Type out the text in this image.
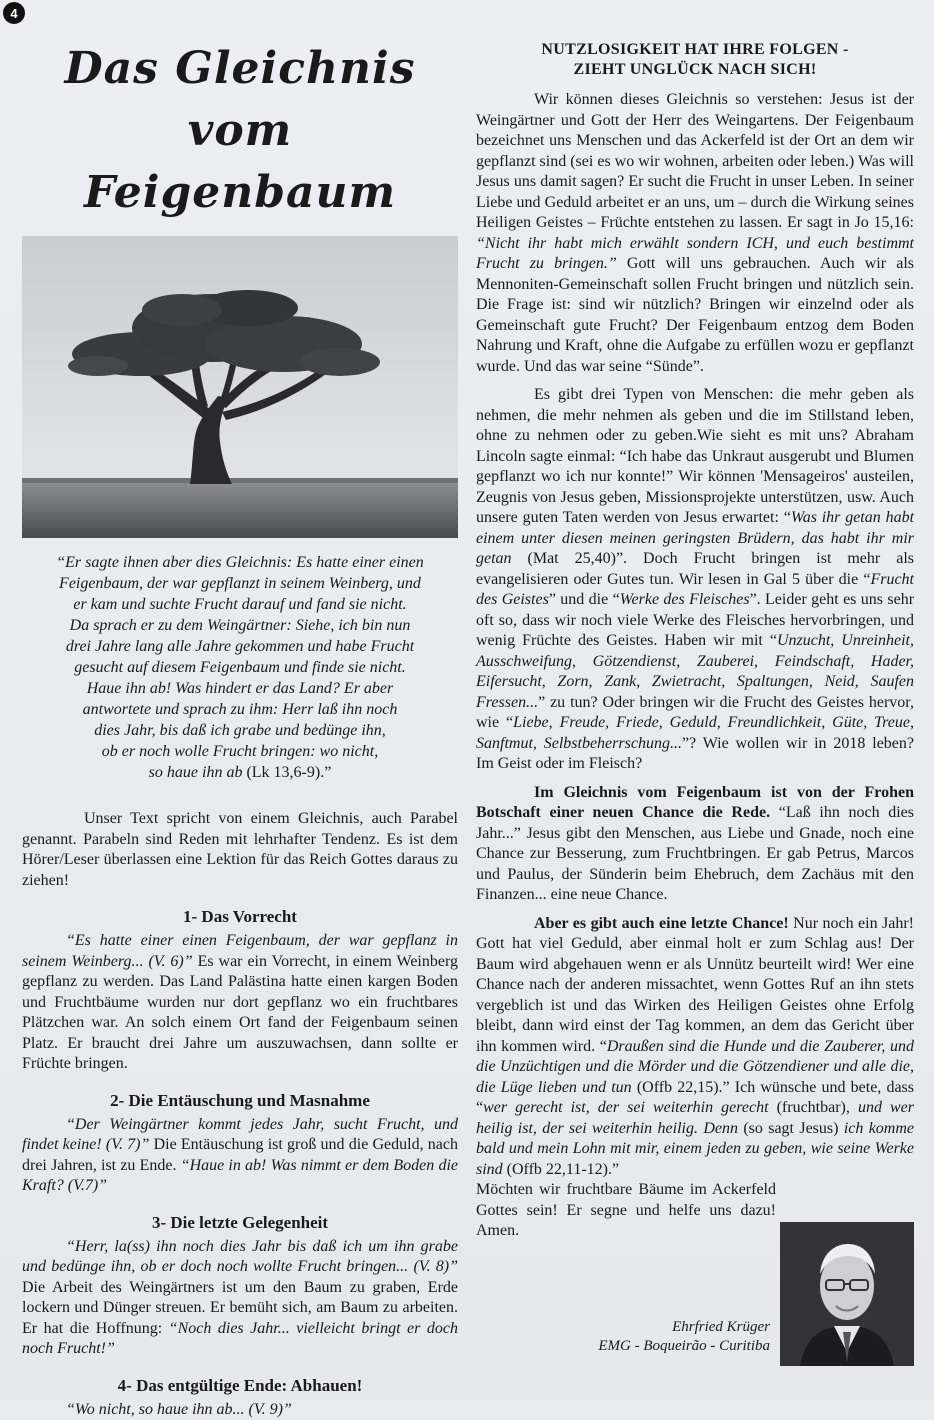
4
Das Gleichnis vom
Feigenbaum
“Er sagte ihnen aber dies Gleichnis: Es hatte einer einen
Feigenbaum, der war gepflanzt in seinem Weinberg, und
er kam und suchte Frucht darauf und fand sie nicht.
Da sprach er zu dem Weingärtner: Siehe, ich bin nun
drei Jahre lang alle Jahre gekommen und habe Frucht
gesucht auf diesem Feigenbaum und finde sie nicht.
Haue ihn ab! Was hindert er das Land? Er aber
antwortete und sprach zu ihm: Herr laß ihn noch
dies Jahr, bis daß ich grabe und bedünge ihn,
ob er noch wolle Frucht bringen: wo nicht,
so haue ihn ab (Lk 13,6-9).”

Unser Text spricht von einem Gleichnis, auch Parabel genannt. Parabeln sind Reden mit lehrhafter Tendenz. Es ist dem Hörer/Leser überlassen eine Lektion für das Reich Gottes daraus zu ziehen!

1- Das Vorrecht

“Es hatte einer einen Feigenbaum, der war gepflanz in seinem Weinberg... (V. 6)” Es war ein Vorrecht, in einem Weinberg gepflanz zu werden. Das Land Palästina hatte einen kargen Boden und Fruchtbäume wurden nur dort gepflanz wo ein fruchtbares Plätzchen war. An solch einem Ort fand der Feigenbaum seinen Platz. Er braucht drei Jahre um auszuwachsen, dann sollte er Früchte bringen.

2- Die Entäuschung und Masnahme

“Der Weingärtner kommt jedes Jahr, sucht Frucht, und findet keine! (V. 7)” Die Entäuschung ist groß und die Geduld, nach drei Jahren, ist zu Ende. “Haue in ab! Was nimmt er dem Boden die Kraft? (V.7)”

3- Die letzte Gelegenheit

“Herr, la(ss) ihn noch dies Jahr bis daß ich um ihn grabe und bedünge ihn, ob er doch noch wollte Frucht bringen... (V. 8)” Die Arbeit des Weingärtners ist um den Baum zu graben, Erde lockern und Dünger streuen. Er bemüht sich, am Baum zu arbeiten. Er hat die Hoffnung: “Noch dies Jahr... vielleicht bringt er doch noch Frucht!”

4- Das entgültige Ende: Abhauen!

“Wo nicht, so haue ihn ab... (V. 9)”

NUTZLOSIGKEIT HAT IHRE FOLGEN -
ZIEHT UNGLÜCK NACH SICH!

Wir können dieses Gleichnis so verstehen: Jesus ist der Weingärtner und Gott der Herr des Weingartens. Der Feigenbaum bezeichnet uns Menschen und das Ackerfeld ist der Ort an dem wir gepflanzt sind (sei es wo wir wohnen, arbeiten oder leben.) Was will Jesus uns damit sagen? Er sucht die Frucht in unser Leben. In seiner Liebe und Geduld arbeitet er an uns, um – durch die Wirkung seines Heiligen Geistes – Früchte entstehen zu lassen. Er sagt in Jo 15,16: “Nicht ihr habt mich erwählt sondern ICH, und euch bestimmt Frucht zu bringen.” Gott will uns gebrauchen. Auch wir als Mennoniten-Gemeinschaft sollen Frucht bringen und nützlich sein. Die Frage ist: sind wir nützlich? Bringen wir einzelnd oder als Gemeinschaft gute Frucht? Der Feigenbaum entzog dem Boden Nahrung und Kraft, ohne die Aufgabe zu erfüllen wozu er gepflanzt wurde. Und das war seine “Sünde”.

Es gibt drei Typen von Menschen: die mehr geben als nehmen, die mehr nehmen als geben und die im Stillstand leben, ohne zu nehmen oder zu geben.Wie sieht es mit uns? Abraham Lincoln sagte einmal: “Ich habe das Unkraut ausgerubt und Blumen gepflanzt wo ich nur konnte!” Wir können 'Mensageiros' austeilen, Zeugnis von Jesus geben, Missionsprojekte unterstützen, usw. Auch unsere guten Taten werden von Jesus erwartet: “Was ihr getan habt einem unter diesen meinen geringsten Brüdern, das habt ihr mir getan (Mat 25,40)”. Doch Frucht bringen ist mehr als evangelisieren oder Gutes tun. Wir lesen in Gal 5 über die “Frucht des Geistes” und die “Werke des Fleisches”. Leider geht es uns sehr oft so, dass wir noch viele Werke des Fleisches hervorbringen, und wenig Früchte des Geistes. Haben wir mit “Unzucht, Unreinheit, Ausschweifung, Götzendienst, Zauberei, Feindschaft, Hader, Eifersucht, Zorn, Zank, Zwietracht, Spaltungen, Neid, Saufen Fressen...” zu tun? Oder bringen wir die Frucht des Geistes hervor, wie “Liebe, Freude, Friede, Geduld, Freundlichkeit, Güte, Treue, Sanftmut, Selbstbeherrschung...”? Wie wollen wir in 2018 leben? Im Geist oder im Fleisch?

Im Gleichnis vom Feigenbaum ist von der Frohen Botschaft einer neuen Chance die Rede. “Laß ihn noch dies Jahr...” Jesus gibt den Menschen, aus Liebe und Gnade, noch eine Chance zur Besserung, zum Fruchtbringen. Er gab Petrus, Marcos und Paulus, der Sünderin beim Ehebruch, dem Zachäus mit den Finanzen... eine neue Chance.

Aber es gibt auch eine letzte Chance! Nur noch ein Jahr! Gott hat viel Geduld, aber einmal holt er zum Schlag aus! Der Baum wird abgehauen wenn er als Unnütz beurteilt wird! Wer eine Chance nach der anderen missachtet, wenn Gottes Ruf an ihn stets vergeblich ist und das Wirken des Heiligen Geistes ohne Erfolg bleibt, dann wird einst der Tag kommen, an dem das Gericht über ihn kommen wird. “Draußen sind die Hunde und die Zauberer, und die Unzüchtigen und die Mörder und die Götzendiener und alle die, die Lüge lieben und tun (Offb 22,15).” Ich wünsche und bete, dass “wer gerecht ist, der sei weiterhin gerecht (fruchtbar), und wer heilig ist, der sei weiterhin heilig. Denn (so sagt Jesus) ich komme bald und mein Lohn mit mir, einem jeden zu geben, wie seine Werke sind (Offb 22,11-12).”

Möchten wir fruchtbare Bäume im Ackerfeld Gottes sein! Er segne und helfe uns dazu! Amen.

Ehrfried Krüger
EMG - Boqueirão - Curitiba
